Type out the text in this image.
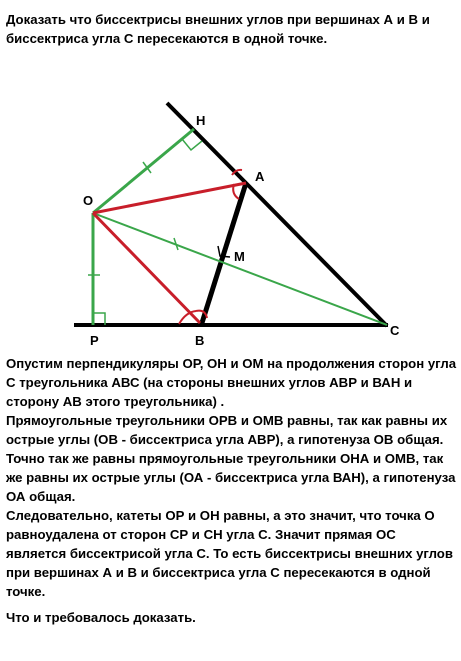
Доказать что биссектрисы внешних углов при вершинах А и В и биссектриса угла С пересекаются в одной точке.
H
A
O
M
P	B
C

Опустим перпендикуляры ОР, ОН и ОМ на продолжения сторон угла С треугольника АВС (на стороны внешних углов АВР и ВАН и сторону АВ этого треугольника) .

Прямоугольные треугольники ОРВ и ОМВ равны, так как равны их острые углы (ОВ - биссектриса угла АВР), а гипотенуза ОВ общая.

Точно так же равны прямоугольные треугольники ОНА и ОМВ, так же равны их острые углы (ОА - биссектриса угла ВАН), а гипотенуза ОА общая.

Следовательно, катеты ОР и ОН равны, а это значит, что точка О равноудалена от сторон СР и СН угла С. Значит прямая ОС является биссектрисой угла С. То есть биссектрисы внешних углов при вершинах А и В и биссектриса угла С пересекаются в одной точке.

Что и требовалось доказать.
